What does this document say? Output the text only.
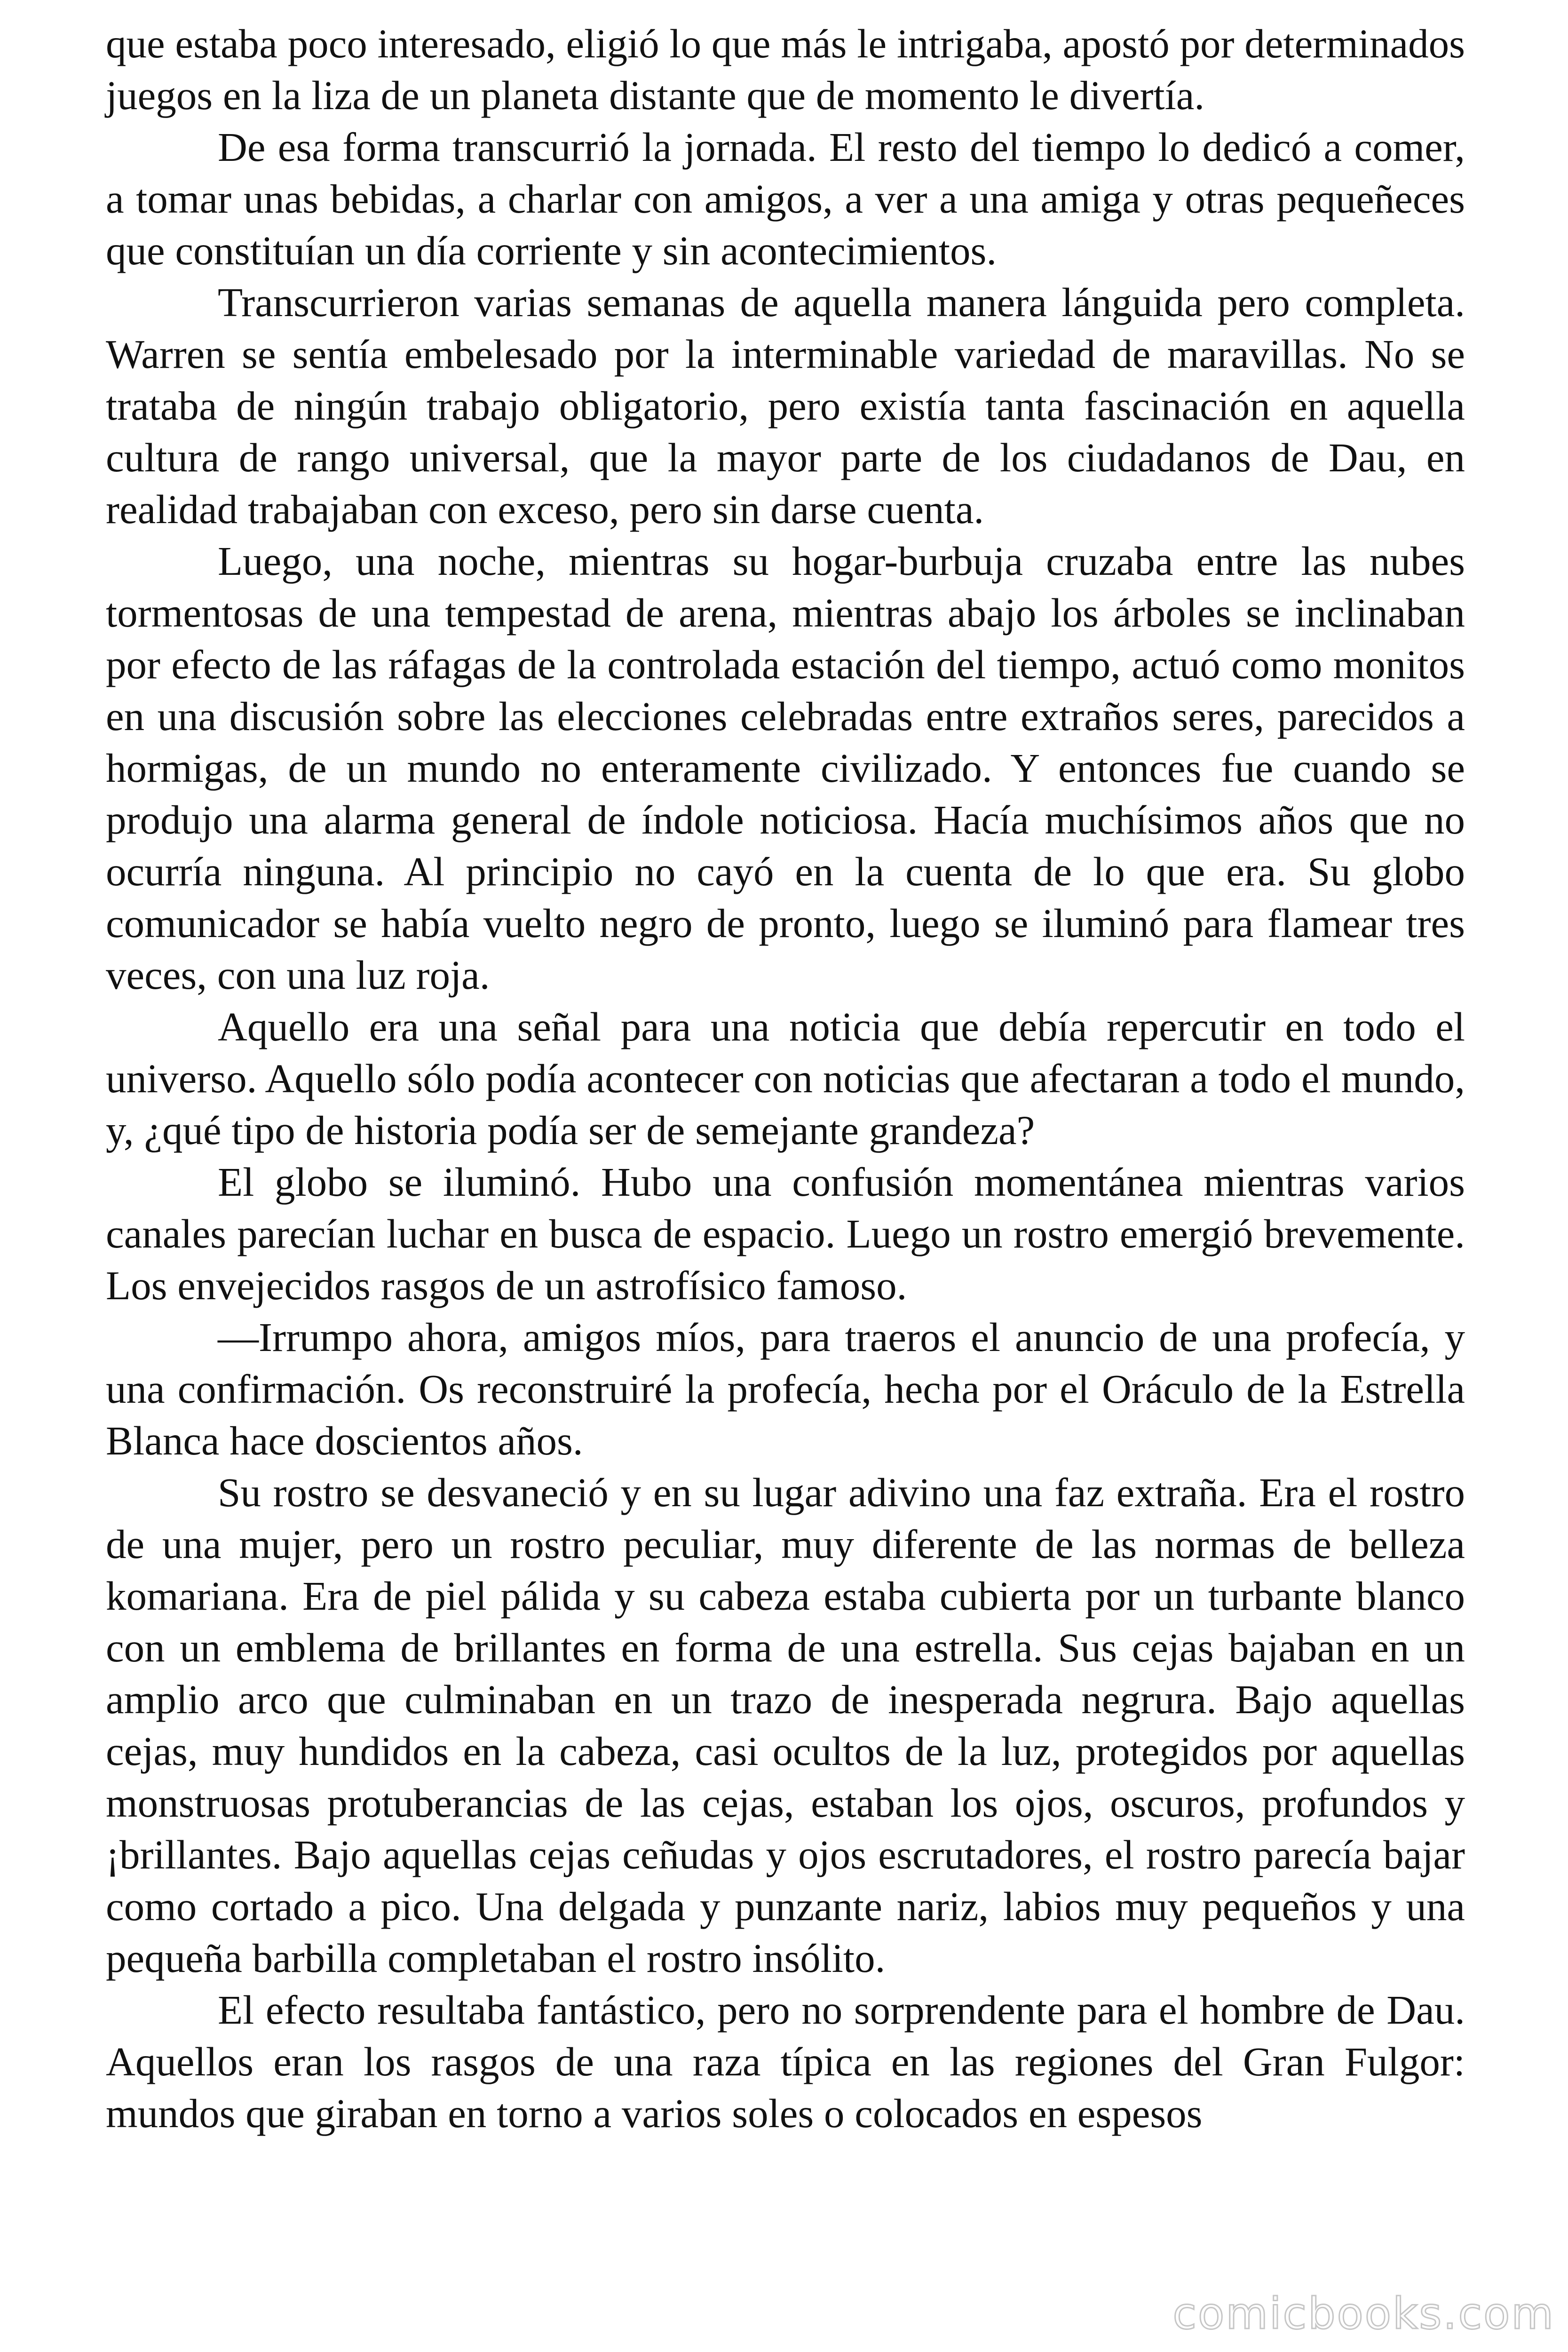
que estaba poco interesado, eligió lo que más le intrigaba, apostó por determinados juegos en la liza de un planeta distante que de momento le divertía.

De esa forma transcurrió la jornada. El resto del tiempo lo dedicó a comer, a tomar unas bebidas, a charlar con amigos, a ver a una amiga y otras pequeñeces que constituían un día corriente y sin acontecimientos.

Transcurrieron varias semanas de aquella manera lánguida pero completa. Warren se sentía embelesado por la interminable variedad de maravillas. No se trataba de ningún trabajo obligatorio, pero existía tanta fascinación en aquella cultura de rango universal, que la mayor parte de los ciudadanos de Dau, en realidad trabajaban con exceso, pero sin darse cuenta.

Luego, una noche, mientras su hogar-burbuja cruzaba entre las nubes tormentosas de una tempestad de arena, mientras abajo los árboles se inclinaban por efecto de las ráfagas de la controlada estación del tiempo, actuó como monitos en una discusión sobre las elecciones celebradas entre extraños seres, parecidos a hormigas, de un mundo no enteramente civilizado. Y entonces fue cuando se produjo una alarma general de índole noticiosa. Hacía muchísimos años que no ocurría ninguna. Al principio no cayó en la cuenta de lo que era. Su globo comunicador se había vuelto negro de pronto, luego se iluminó para flamear tres veces, con una luz roja.

Aquello era una señal para una noticia que debía repercutir en todo el universo. Aquello sólo podía acontecer con noticias que afectaran a todo el mundo, y, ¿qué tipo de historia podía ser de semejante grandeza?

El globo se iluminó. Hubo una confusión momentánea mientras varios canales parecían luchar en busca de espacio. Luego un rostro emergió brevemente. Los envejecidos rasgos de un astrofísico famoso.

—Irrumpo ahora, amigos míos, para traeros el anuncio de una profecía, y una confirmación. Os reconstruiré la profecía, hecha por el Oráculo de la Estrella Blanca hace doscientos años.

Su rostro se desvaneció y en su lugar adivino una faz extraña. Era el rostro de una mujer, pero un rostro peculiar, muy diferente de las normas de belleza komariana. Era de piel pálida y su cabeza estaba cubierta por un turbante blanco con un emblema de brillantes en forma de una estrella. Sus cejas bajaban en un amplio arco que culminaban en un trazo de inesperada negrura. Bajo aquellas cejas, muy hundidos en la cabeza, casi ocultos de la luz, protegidos por aquellas monstruosas protuberancias de las cejas, estaban los ojos, oscuros, profundos y ¡brillantes. Bajo aquellas cejas ceñudas y ojos escrutadores, el rostro parecía bajar como cortado a pico. Una delgada y punzante nariz, labios muy pequeños y una pequeña barbilla completaban el rostro insólito.

El efecto resultaba fantástico, pero no sorprendente para el hombre de Dau. Aquellos eran los rasgos de una raza típica en las regiones del Gran Fulgor: mundos que giraban en torno a varios soles o colocados en espesos

comicbooks.com
